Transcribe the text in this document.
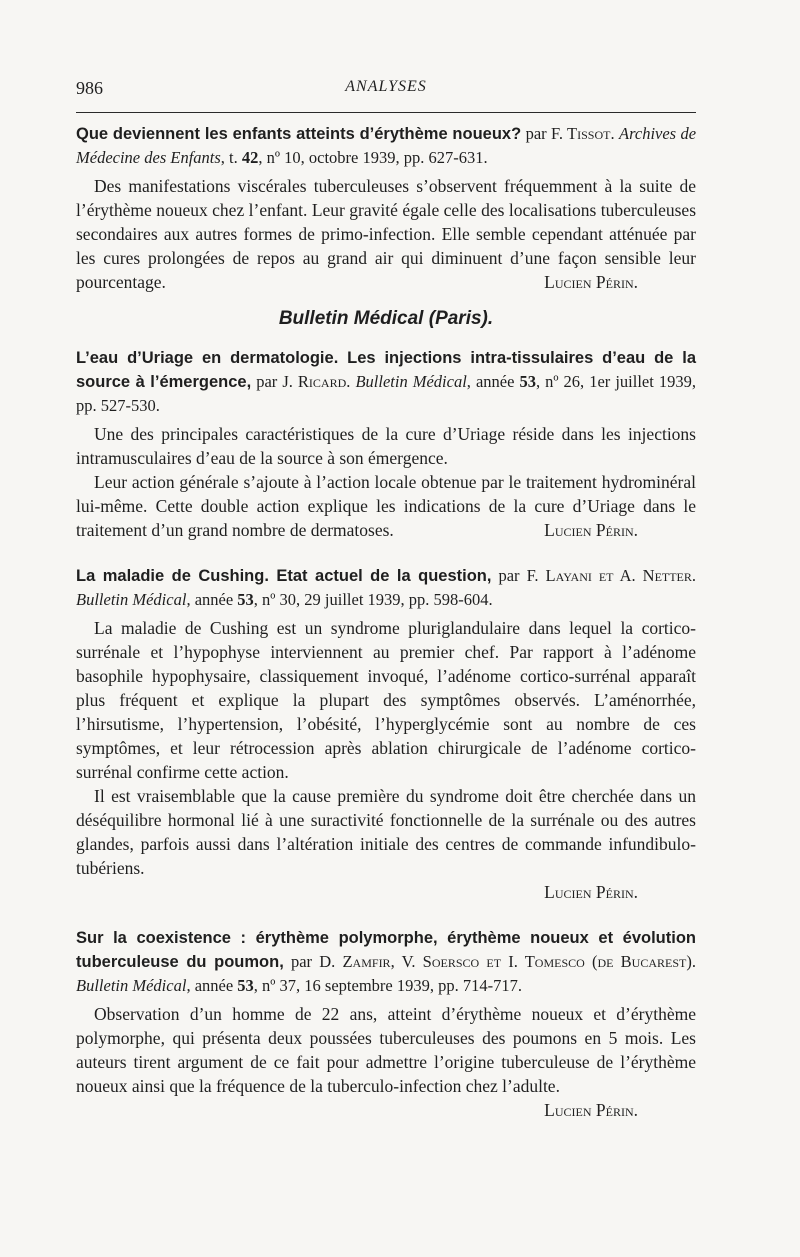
986	ANALYSES

Que deviennent les enfants atteints d’érythème noueux? par F. Tissot. Archives de Médecine des Enfants, t. 42, nº 10, octobre 1939, pp. 627-631.

Des manifestations viscérales tuberculeuses s’observent fréquemment à la suite de l’érythème noueux chez l’enfant. Leur gravité égale celle des localisations tuberculeuses secondaires aux autres formes de primo-infection. Elle semble cependant atténuée par les cures prolongées de repos au grand air qui diminuent d’une façon sensible leur pourcentage.	Lucien Périn.

Bulletin Médical (Paris).

L’eau d’Uriage en dermatologie. Les injections intra-tissulaires d’eau de la source à l’émergence, par J. Ricard. Bulletin Médical, année 53, nº 26, 1er juillet 1939, pp. 527-530.

Une des principales caractéristiques de la cure d’Uriage réside dans les injections intramusculaires d’eau de la source à son émergence.

Leur action générale s’ajoute à l’action locale obtenue par le traitement hydrominéral lui-même. Cette double action explique les indications de la cure d’Uriage dans le traitement d’un grand nombre de dermatoses.	Lucien Périn.

La maladie de Cushing. Etat actuel de la question, par F. Layani et A. Netter. Bulletin Médical, année 53, nº 30, 29 juillet 1939, pp. 598-604.

La maladie de Cushing est un syndrome pluriglandulaire dans lequel la cortico-surrénale et l’hypophyse interviennent au premier chef. Par rapport à l’adénome basophile hypophysaire, classiquement invoqué, l’adénome cortico-surrénal apparaît plus fréquent et explique la plupart des symptômes observés. L’aménorrhée, l’hirsutisme, l’hypertension, l’obésité, l’hyperglycémie sont au nombre de ces symptômes, et leur rétrocession après ablation chirurgicale de l’adénome cortico-surrénal confirme cette action.

Il est vraisemblable que la cause première du syndrome doit être cherchée dans un déséquilibre hormonal lié à une suractivité fonctionnelle de la surrénale ou des autres glandes, parfois aussi dans l’altération initiale des centres de commande infundibulo-tubériens.

Lucien Périn.

Sur la coexistence : érythème polymorphe, érythème noueux et évolution tuberculeuse du poumon, par D. Zamfir, V. Soersco et I. Tomesco (de Bucarest). Bulletin Médical, année 53, nº 37, 16 septembre 1939, pp. 714-717.

Observation d’un homme de 22 ans, atteint d’érythème noueux et d’érythème polymorphe, qui présenta deux poussées tuberculeuses des poumons en 5 mois. Les auteurs tirent argument de ce fait pour admettre l’origine tuberculeuse de l’érythème noueux ainsi que la fréquence de la tuberculo-infection chez l’adulte.
Lucien Périn.
